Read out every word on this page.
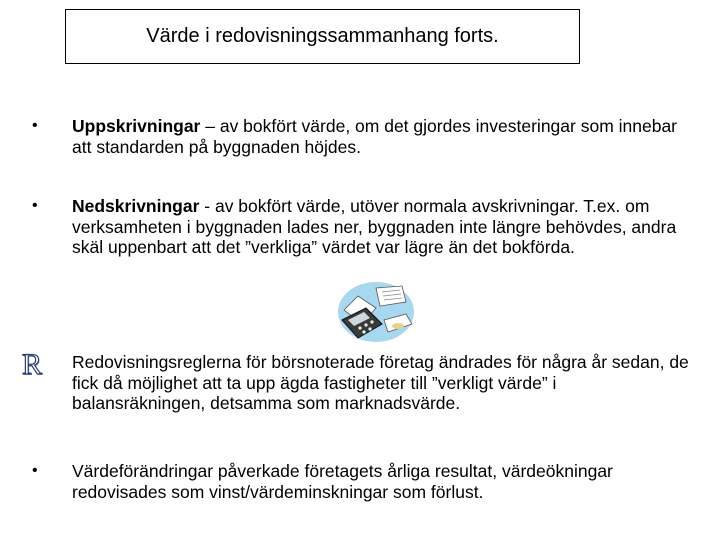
Värde i redovisningssammanhang forts.
• Uppskrivningar – av bokfört värde, om det gjordes investeringar som innebar att standarden på byggnaden höjdes.
• Nedskrivningar - av bokfört värde, utöver normala avskrivningar. T.ex. om verksamheten i byggnaden lades ner, byggnaden inte längre behövdes, andra skäl uppenbart att det ”verkliga” värdet var lägre än det bokförda.
R Redovisningsreglerna för börsnoterade företag ändrades för några år sedan, de fick då möjlighet att ta upp ägda fastigheter till ”verkligt värde” i balansräkningen, detsamma som marknadsvärde.
• Värdeförändringar påverkade företagets årliga resultat, värdeökningar redovisades som vinst/värdeminskningar som förlust.
